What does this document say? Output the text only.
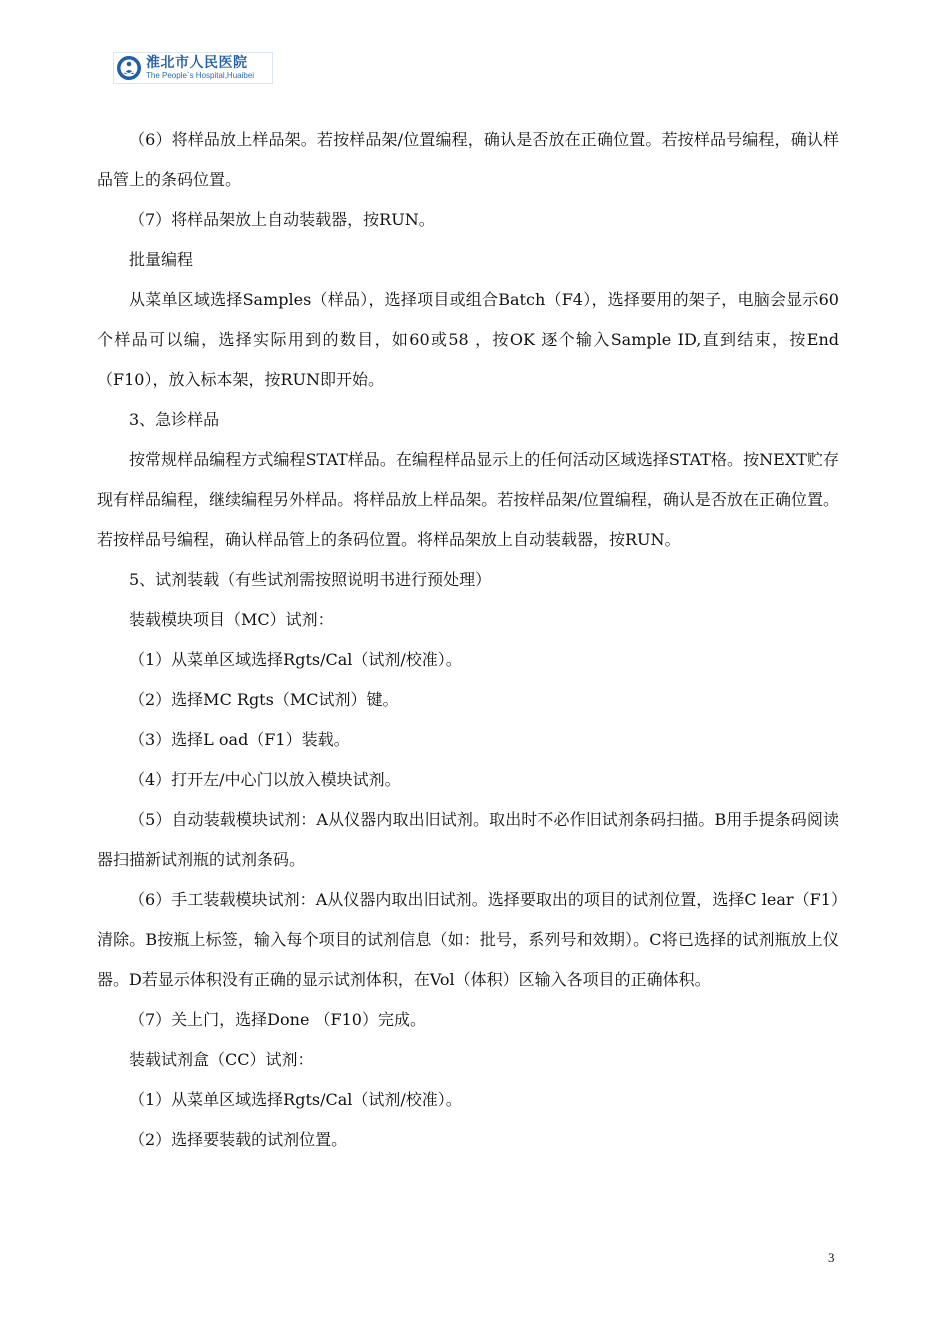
淮北市人民医院
The People`s Hospital,Huaibei

（6）将样品放上样品架。若按样品架/位置编程，确认是否放在正确位置。若按样品号编程，确认样品管上的条码位置。

（7）将样品架放上自动装载器，按RUN。

批量编程

从菜单区域选择Samples（样品），选择项目或组合Batch（F4），选择要用的架子，电脑会显示60个样品可以编，选择实际用到的数目，如60或58 ，按OK 逐个输入Sample ID,直到结束，按End （F10），放入标本架，按RUN即开始。

3、急诊样品

按常规样品编程方式编程STAT样品。在编程样品显示上的任何活动区域选择STAT格。按NEXT贮存现有样品编程，继续编程另外样品。将样品放上样品架。若按样品架/位置编程，确认是否放在正确位置。若按样品号编程，确认样品管上的条码位置。将样品架放上自动装载器，按RUN。

5、试剂装载（有些试剂需按照说明书进行预处理）

装载模块项目（MC）试剂：

（1）从菜单区域选择Rgts/Cal（试剂/校准）。

（2）选择MC Rgts（MC试剂）键。

（3）选择L oad（F1）装载。

（4）打开左/中心门以放入模块试剂。

（5）自动装载模块试剂：A从仪器内取出旧试剂。取出时不必作旧试剂条码扫描。B用手提条码阅读器扫描新试剂瓶的试剂条码。

（6）手工装载模块试剂：A从仪器内取出旧试剂。选择要取出的项目的试剂位置，选择C lear（F1）清除。B按瓶上标签，输入每个项目的试剂信息（如：批号，系列号和效期）。C将已选择的试剂瓶放上仪器。D若显示体积没有正确的显示试剂体积，在Vol（体积）区输入各项目的正确体积。

（7）关上门，选择Done （F10）完成。

装载试剂盒（CC）试剂：

（1）从菜单区域选择Rgts/Cal（试剂/校准）。

（2）选择要装载的试剂位置。

3
